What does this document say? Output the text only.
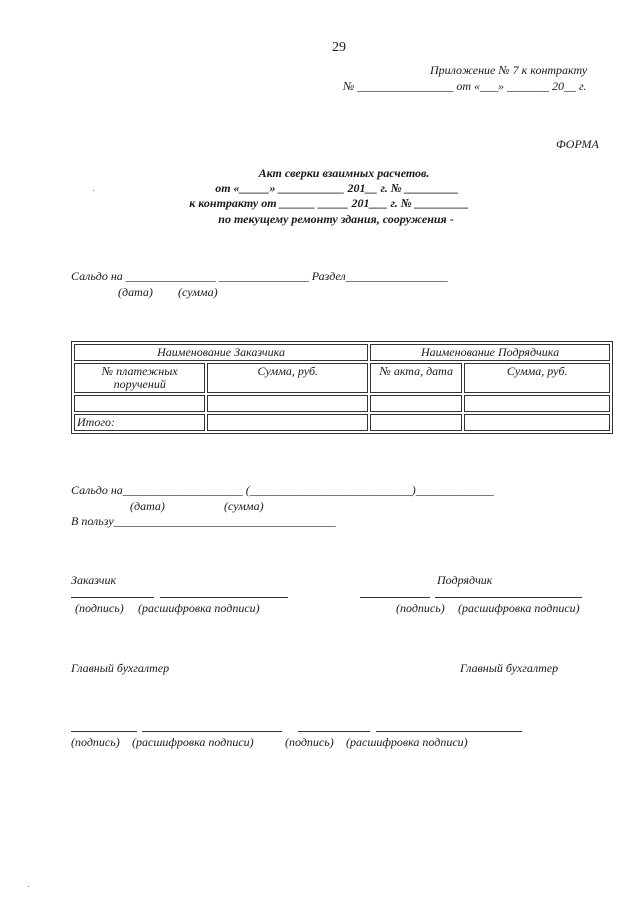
29
Приложение № 7 к контракту
№ ________________ от «___» _______ 20__ г.
ФОРМА
Акт сверки взаимных расчетов.
от «_____» ___________ 201__ г. № _________
к контракту от ______ _____ 201___ г. № _________
по текущему ремонту здания, сооружения -
Сальдо на _______________ _______________ Раздел_________________
(дата) (сумма)
Наименование Заказчика		Наименование Подрядчика	
№ платежных поручений	Сумма, руб.	№ акта, дата	Сумма, руб.

Итого:			
Сальдо на____________________ (___________________________)_____________
(дата)	(сумма)
В пользу_____________________________________
Заказчик	Подрядчик
(подпись) (расшифровка подписи)	(подпись) (расшифровка подписи)
Главный бухгалтер	Главный бухгалтер
(подпись) (расшифровка подписи)	(подпись) (расшифровка подписи)
